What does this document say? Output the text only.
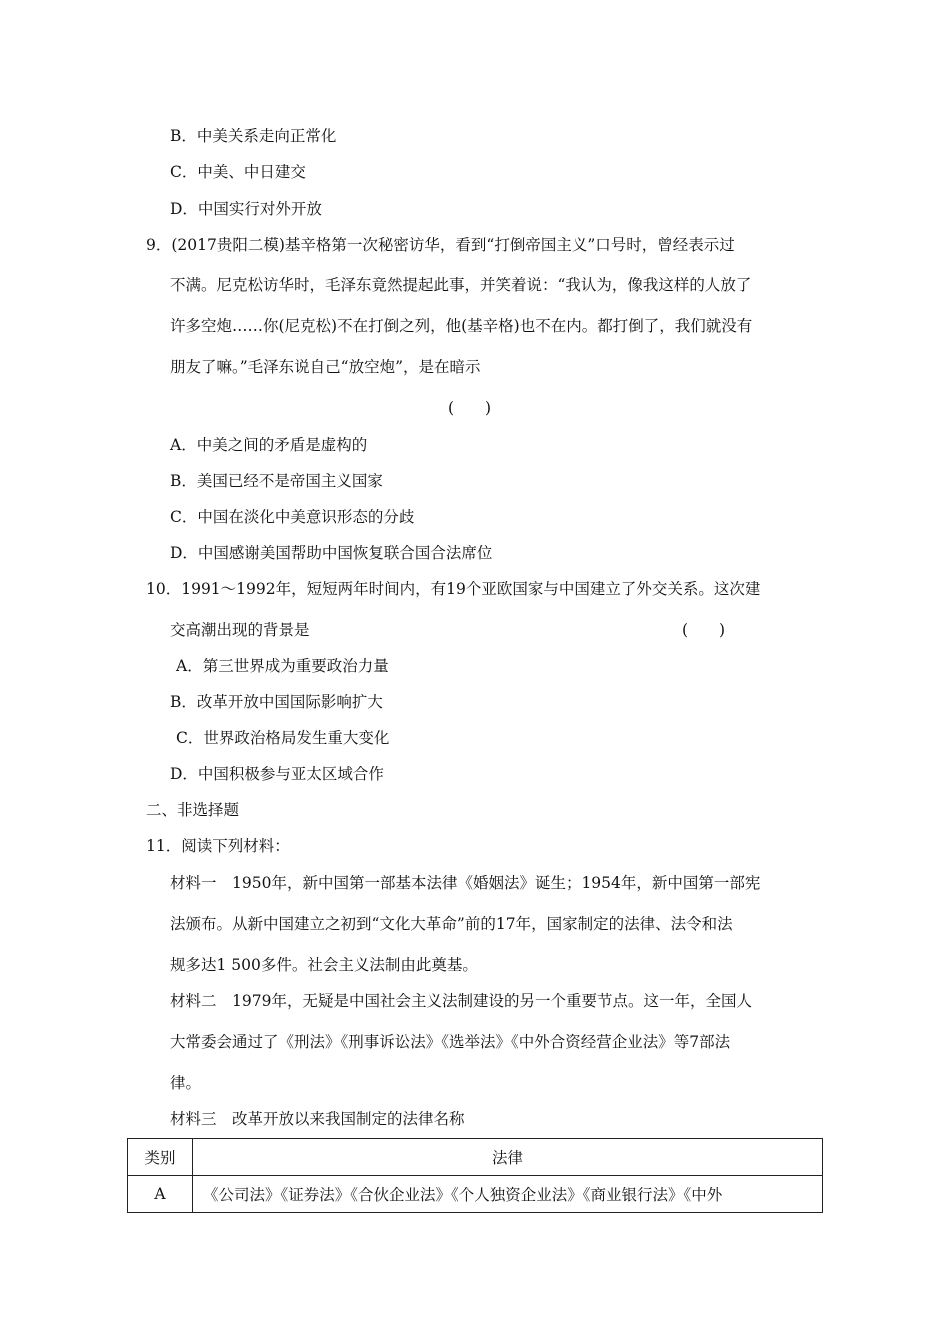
B．中美关系走向正常化
C．中美、中日建交
D．中国实行对外开放
9．(2017贵阳二模)基辛格第一次秘密访华，看到“打倒帝国主义”口号时，曾经表示过
不满。尼克松访华时，毛泽东竟然提起此事，并笑着说：“我认为，像我这样的人放了
许多空炮……你(尼克松)不在打倒之列，他(基辛格)也不在内。都打倒了，我们就没有
朋友了嘛。”毛泽东说自己“放空炮”，是在暗示
(　　)
A．中美之间的矛盾是虚构的
B．美国已经不是帝国主义国家
C．中国在淡化中美意识形态的分歧
D．中国感谢美国帮助中国恢复联合国合法席位
10．1991～1992年，短短两年时间内，有19个亚欧国家与中国建立了外交关系。这次建
交高潮出现的背景是	(　　)
A．第三世界成为重要政治力量
B．改革开放中国国际影响扩大
C．世界政治格局发生重大变化
D．中国积极参与亚太区域合作
二、非选择题
11．阅读下列材料：
材料一　1950年，新中国第一部基本法律《婚姻法》诞生；1954年，新中国第一部宪
法颁布。从新中国建立之初到“文化大革命”前的17年，国家制定的法律、法令和法
规多达1 500多件。社会主义法制由此奠基。
材料二　1979年，无疑是中国社会主义法制建设的另一个重要节点。这一年，全国人
大常委会通过了《刑法》《刑事诉讼法》《选举法》《中外合资经营企业法》等7部法
律。
材料三　改革开放以来我国制定的法律名称
类别	法律
A	《公司法》《证券法》《合伙企业法》《个人独资企业法》《商业银行法》《中外
